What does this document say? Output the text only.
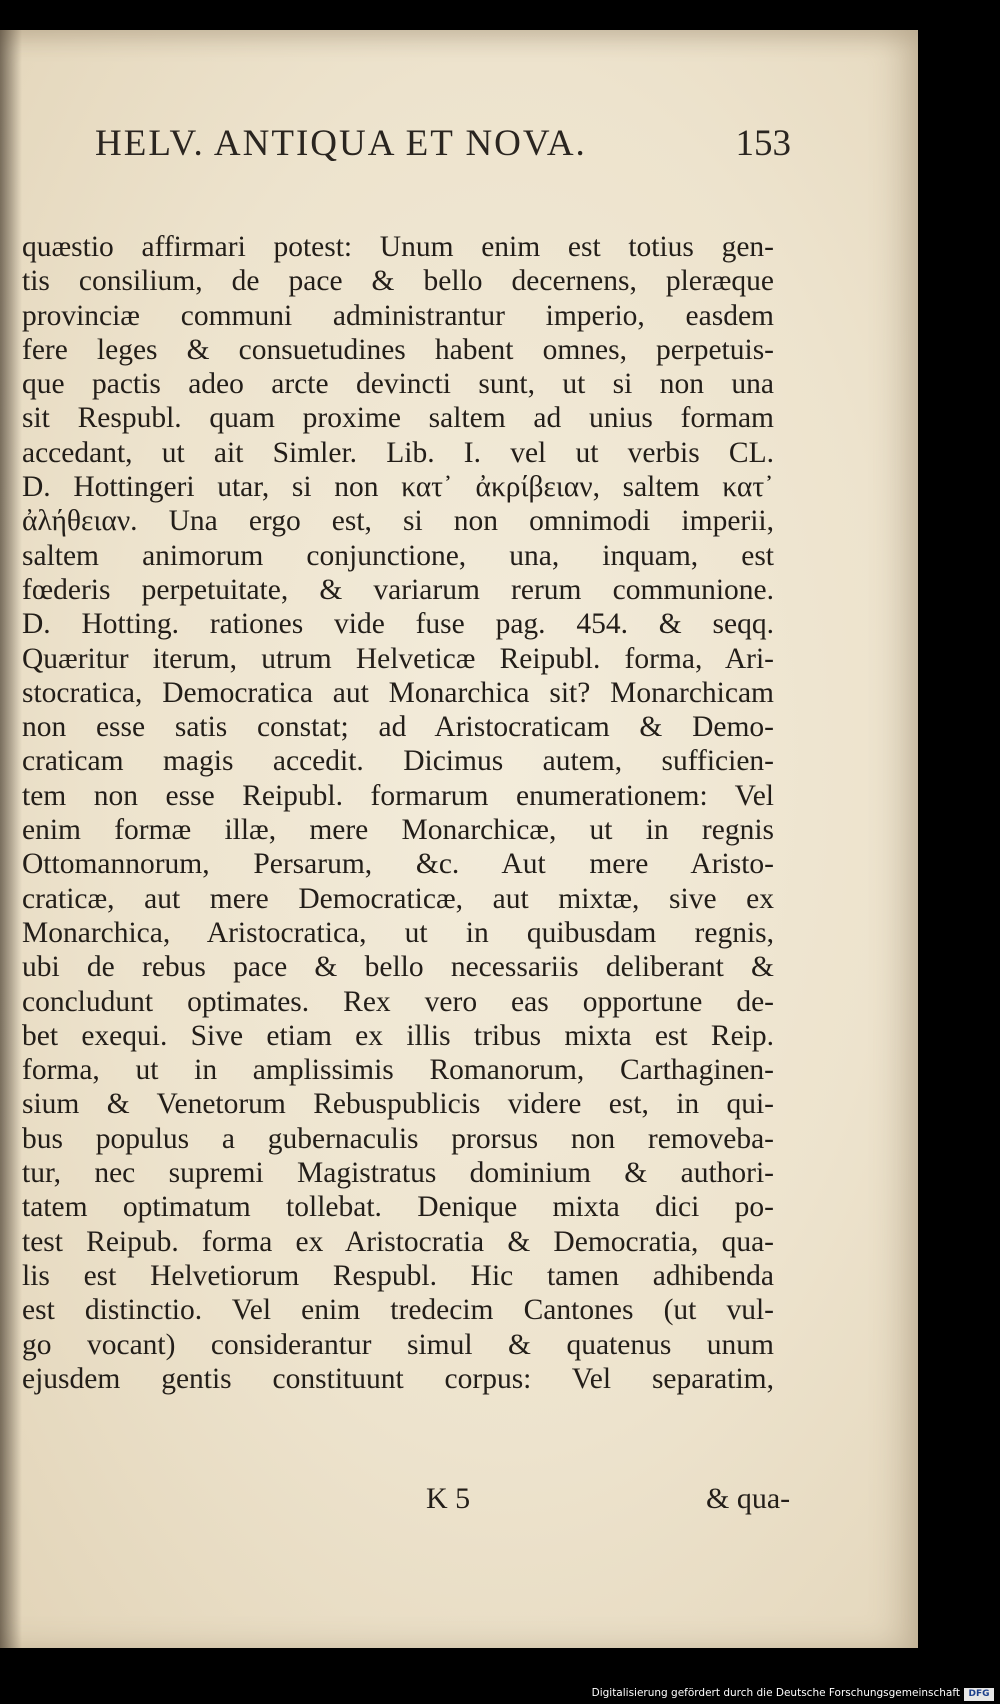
HELV. ANTIQUA ET NOVA.	153
quæstio affirmari potest: Unum enim est totius gen-
tis consilium, de pace & bello decernens, pleræque
provinciæ communi administrantur imperio, easdem
fere leges & consuetudines habent omnes, perpetuis-
que pactis adeo arcte devincti sunt, ut si non una
sit Respubl. quam proxime saltem ad unius formam
accedant, ut ait Simler. Lib. I. vel ut verbis CL.
D. Hottingeri utar, si non κατ᾽ ἀκρίβειαν, saltem κατ᾽
ἀλήθειαν. Una ergo est, si non omnimodi imperii,
saltem animorum conjunctione, una, inquam, est
fœderis perpetuitate, & variarum rerum communione.
D. Hotting. rationes vide fuse pag. 454. & seqq.
Quæritur iterum, utrum Helveticæ Reipubl. forma, Ari-
stocratica, Democratica aut Monarchica sit? Monarchicam
non esse satis constat; ad Aristocraticam & Demo-
craticam magis accedit. Dicimus autem, sufficien-
tem non esse Reipubl. formarum enumerationem: Vel
enim formæ illæ, mere Monarchicæ, ut in regnis
Ottomannorum, Persarum, &c. Aut mere Aristo-
craticæ, aut mere Democraticæ, aut mixtæ, sive ex
Monarchica, Aristocratica, ut in quibusdam regnis,
ubi de rebus pace & bello necessariis deliberant &
concludunt optimates. Rex vero eas opportune de-
bet exequi. Sive etiam ex illis tribus mixta est Reip.
forma, ut in amplissimis Romanorum, Carthaginen-
sium & Venetorum Rebuspublicis videre est, in qui-
bus populus a gubernaculis prorsus non removeba-
tur, nec supremi Magistratus dominium & authori-
tatem optimatum tollebat. Denique mixta dici po-
test Reipub. forma ex Aristocratia & Democratia, qua-
lis est Helvetiorum Respubl. Hic tamen adhibenda
est distinctio. Vel enim tredecim Cantones (ut vul-
go vocant) considerantur simul & quatenus unum
ejusdem gentis constituunt corpus: Vel separatim,
K 5	& qua-
Digitalisierung gefördert durch die Deutsche Forschungsgemeinschaft DFG
